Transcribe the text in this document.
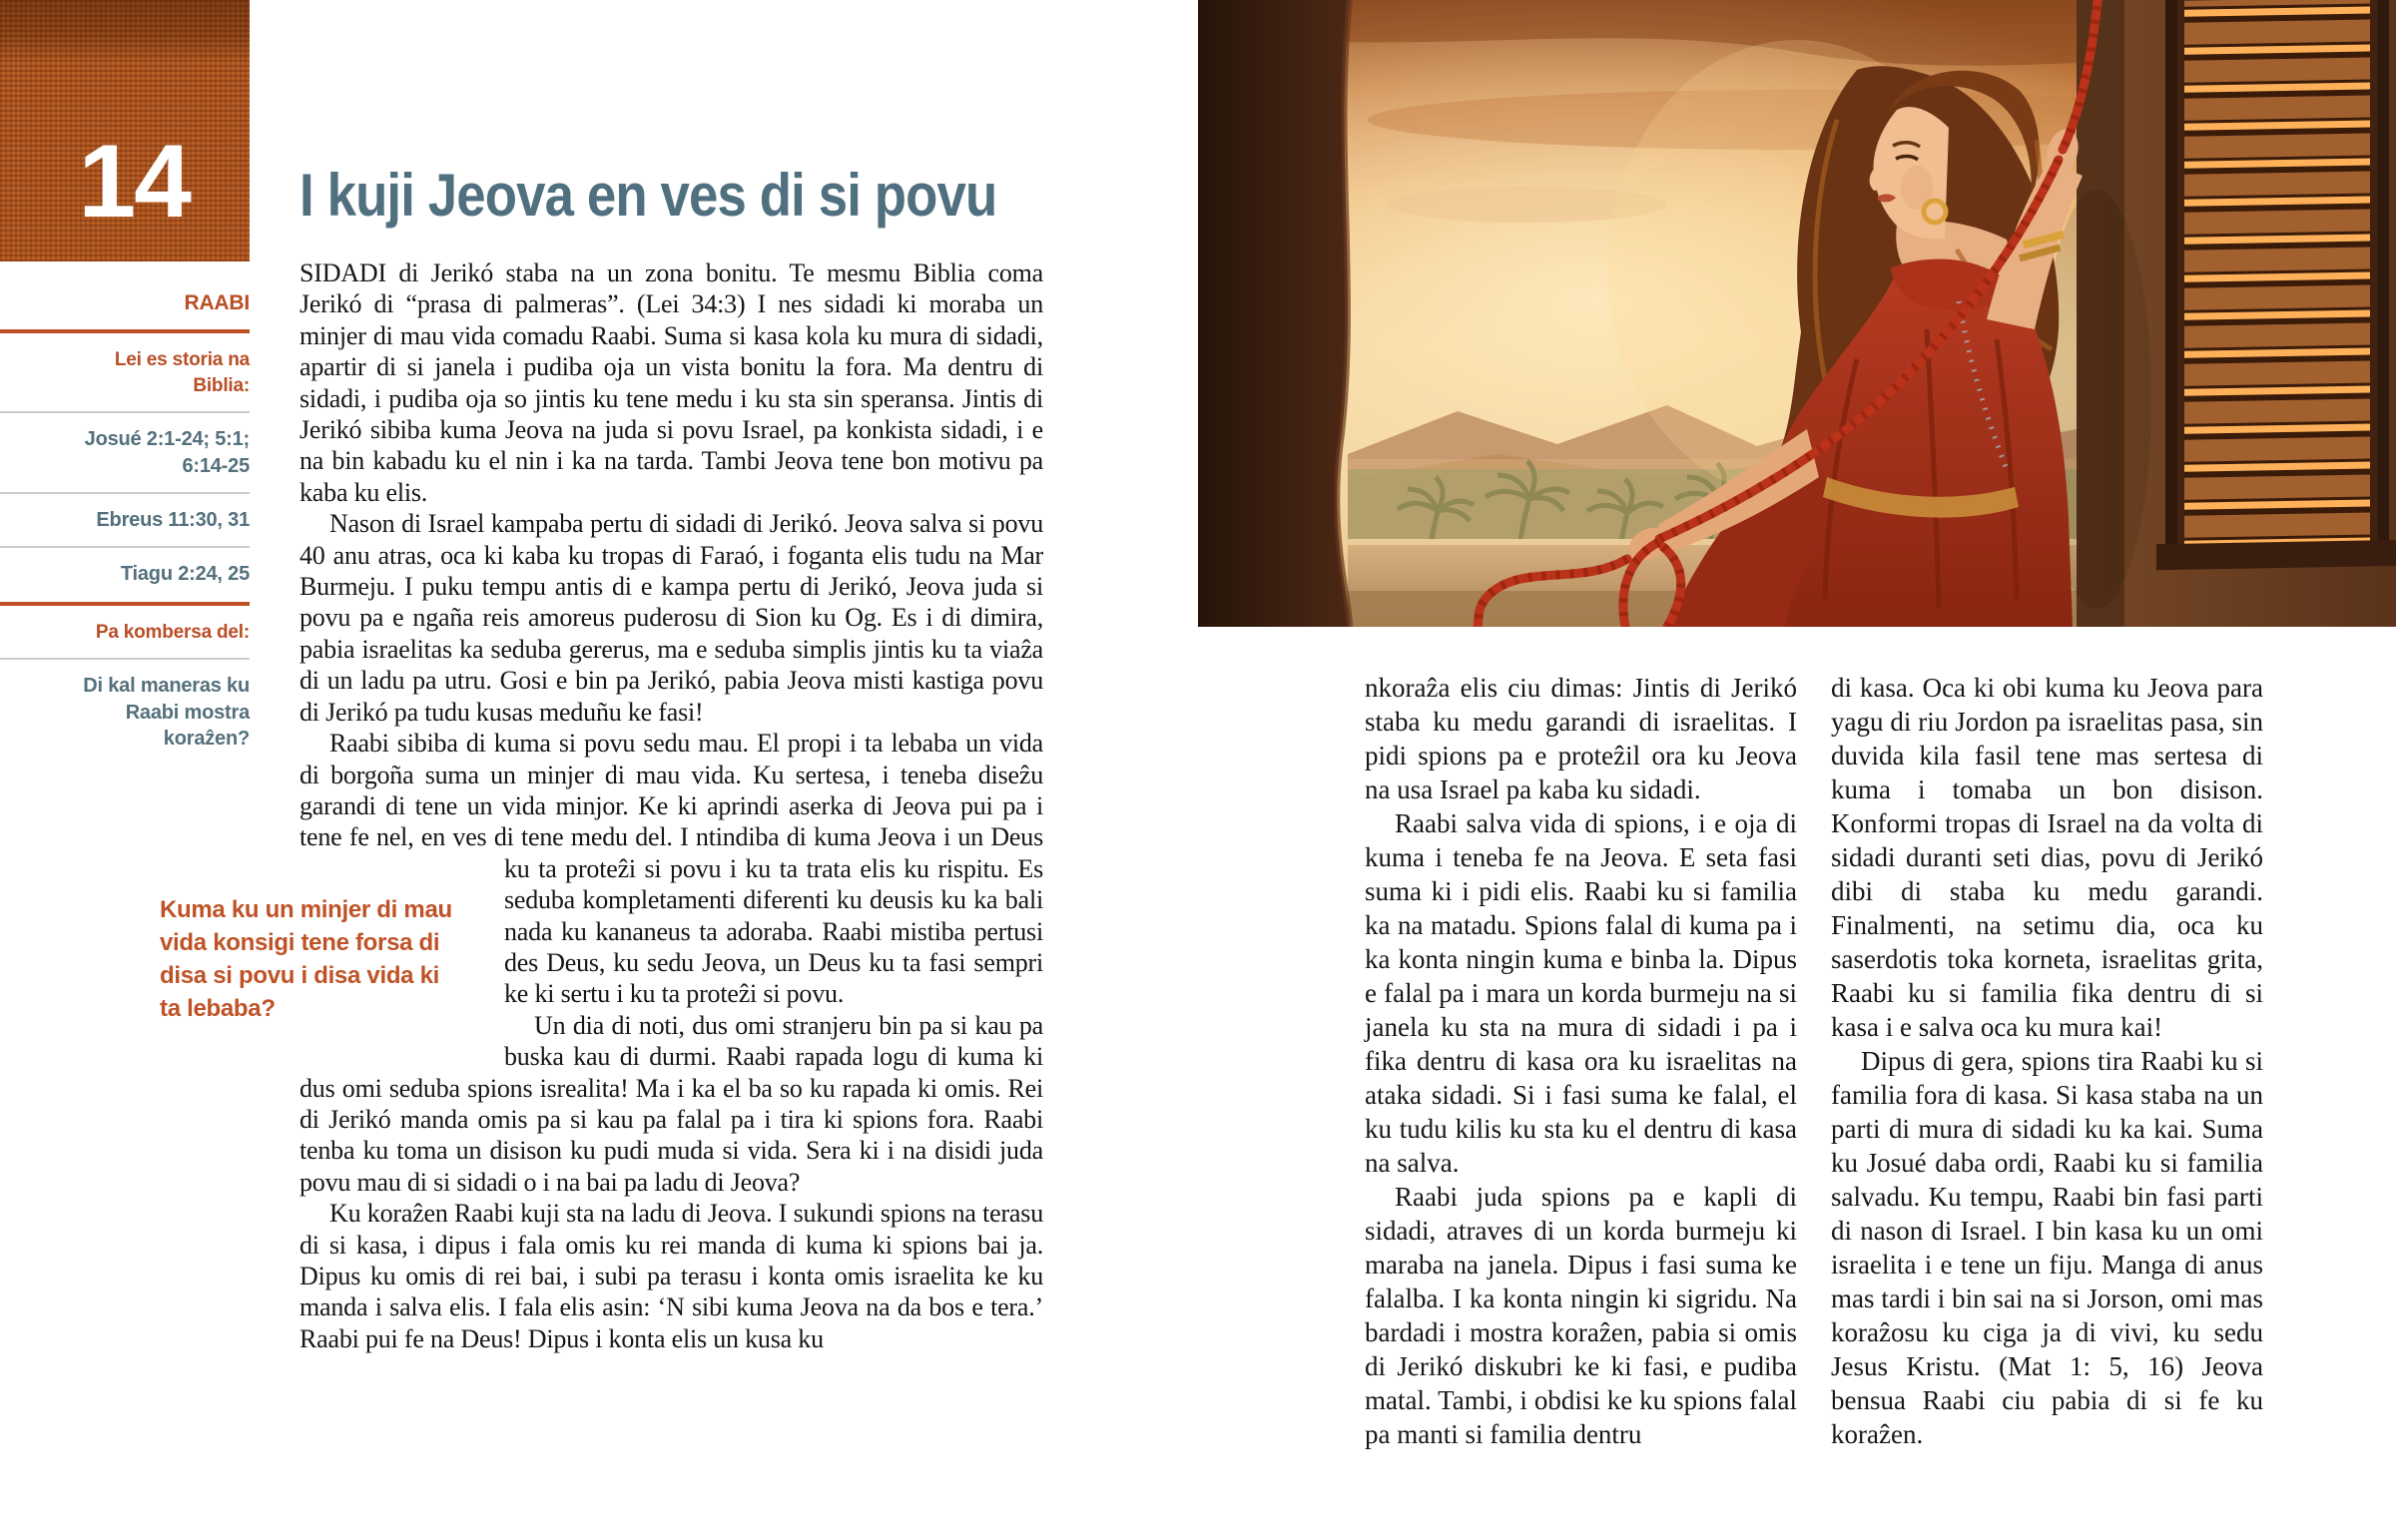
14
RAABI
Lei es storia na Biblia:
Josué 2:1-24; 5:1; 6:14-25
Ebreus 11:30, 31
Tiagu 2:24, 25
Pa kombersa del:
Di kal maneras ku Raabi mostra koraẑen?
I kuji Jeova en ves di si povu

SIDADI di Jerikó staba na un zona bonitu. Te mesmu Biblia coma Jerikó di “prasa di palmeras”. (Lei 34:3) I nes sidadi ki moraba un minjer di mau vida comadu Raabi. Suma si kasa kola ku mura di sidadi, apartir di si janela i pudiba oja un vista bonitu la fora. Ma dentru di sidadi, i pudiba oja so jintis ku tene medu i ku sta sin speransa. Jintis di Jerikó sibiba kuma Jeova na juda si povu Israel, pa konkista sidadi, i e na bin kabadu ku el nin i ka na tarda. Tambi Jeova tene bon motivu pa kaba ku elis.

Nason di Israel kampaba pertu di sidadi di Jerikó. Jeova salva si povu 40 anu atras, oca ki kaba ku tropas di Faraó, i foganta elis tudu na Mar Burmeju. I puku tempu antis di e kampa pertu di Jerikó, Jeova juda si povu pa e ngaña reis amoreus puderosu di Sion ku Og. Es i di dimira, pabia israelitas ka seduba gererus, ma e seduba simplis jintis ku ta viaẑa di un ladu pa utru. Gosi e bin pa Jerikó, pabia Jeova misti kastiga povu di Jerikó pa tudu kusas meduñu ke fasi!

Raabi sibiba di kuma si povu sedu mau. El propi i ta lebaba un vida di borgoña suma un minjer di mau vida. Ku sertesa, i teneba diseẑu garandi di tene un vida minjor. Ke ki aprindi aserka di Jeova pui pa i tene fe nel, en ves di tene medu del. I ntindiba di kuma
Kuma ku un minjer di mau vida konsigi tene forsa di disa si povu i disa vida ki ta lebaba?
Jeova i un Deus ku ta proteẑi si povu i ku ta trata elis ku rispitu. Es seduba kompletamenti diferenti ku deusis ku ka bali nada ku kananeus ta adoraba. Raabi mistiba pertusi des Deus, ku sedu Jeova, un Deus ku ta fasi sempri ke ki sertu i ku ta proteẑi si povu.

Un dia di noti, dus omi stranjeru bin pa si kau pa buska kau di durmi. Raabi rapada logu di kuma ki dus omi seduba spions isrealita! Ma i ka el ba so ku rapada ki omis. Rei di Jerikó manda omis pa si kau pa falal pa i tira ki spions fora. Raabi tenba ku toma un disison ku pudi muda si vida. Sera ki i na disidi juda povu mau di si sidadi o i na bai pa ladu di Jeova?

Ku koraẑen Raabi kuji sta na ladu di Jeova. I sukundi spions na terasu di si kasa, i dipus i fala omis ku rei manda di kuma ki spions bai ja. Dipus ku omis di rei bai, i subi pa terasu i konta omis israelita ke ku manda i salva elis. I fala elis asin: ‘N sibi kuma Jeova na da bos e tera.’ Raabi pui fe na Deus! Dipus i konta elis un kusa ku

nkoraẑa elis ciu dimas: Jintis di Jerikó staba ku medu garandi di israelitas. I pidi spions pa e proteẑil ora ku Jeova na usa Israel pa kaba ku sidadi.

Raabi salva vida di spions, i e oja di kuma i teneba fe na Jeova. E seta fasi suma ki i pidi elis. Raabi ku si familia ka na matadu. Spions falal di kuma pa i ka konta ningin kuma e binba la. Dipus e falal pa i mara un korda burmeju na si janela ku sta na mura di sidadi i pa i fika dentru di kasa ora ku israelitas na ataka sidadi. Si i fasi suma ke falal, el ku tudu kilis ku sta ku el dentru di kasa na salva.

Raabi juda spions pa e kapli di sidadi, atraves di un korda burmeju ki maraba na janela. Dipus i fasi suma ke falalba. I ka konta ningin ki sigridu. Na bardadi i mostra koraẑen, pabia si omis di Jerikó diskubri ke ki fasi, e pudiba matal. Tambi, i obdisi ke ku spions falal pa manti si familia dentru

di kasa. Oca ki obi kuma ku Jeova para yagu di riu Jordon pa israelitas pasa, sin duvida kila fasil tene mas sertesa di kuma i tomaba un bon disison. Konformi tropas di Israel na da volta di sidadi duranti seti dias, povu di Jerikó dibi di staba ku medu garandi. Finalmenti, na setimu dia, oca ku saserdotis toka korneta, israelitas grita, Raabi ku si familia fika dentru di si kasa i e salva oca ku mura kai!

Dipus di gera, spions tira Raabi ku si familia fora di kasa. Si kasa staba na un parti di mura di sidadi ku ka kai. Suma ku Josué daba ordi, Raabi ku si familia salvadu. Ku tempu, Raabi bin fasi parti di nason di Israel. I bin kasa ku un omi israelita i e tene un fiju. Manga di anus mas tardi i bin sai na si Jorson, omi mas koraẑosu ku ciga ja di vivi, ku sedu Jesus Kristu. (Mat 1: 5, 16) Jeova bensua Raabi ciu pabia di si fe ku koraẑen.
